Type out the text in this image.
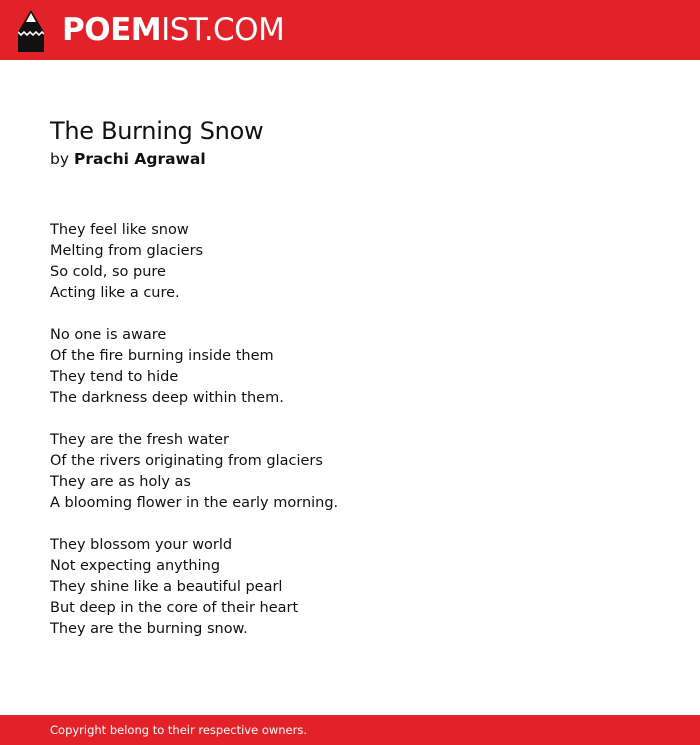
POEMIST.COM
The Burning Snow
by Prachi Agrawal
They feel like snow
Melting from glaciers
So cold, so pure
Acting like a cure.
No one is aware
Of the fire burning inside them
They tend to hide
The darkness deep within them.
They are the fresh water
Of the rivers originating from glaciers
They are as holy as
A blooming flower in the early morning.
They blossom your world
Not expecting anything
They shine like a beautiful pearl
But deep in the core of their heart
They are the burning snow.
Copyright belong to their respective owners.
